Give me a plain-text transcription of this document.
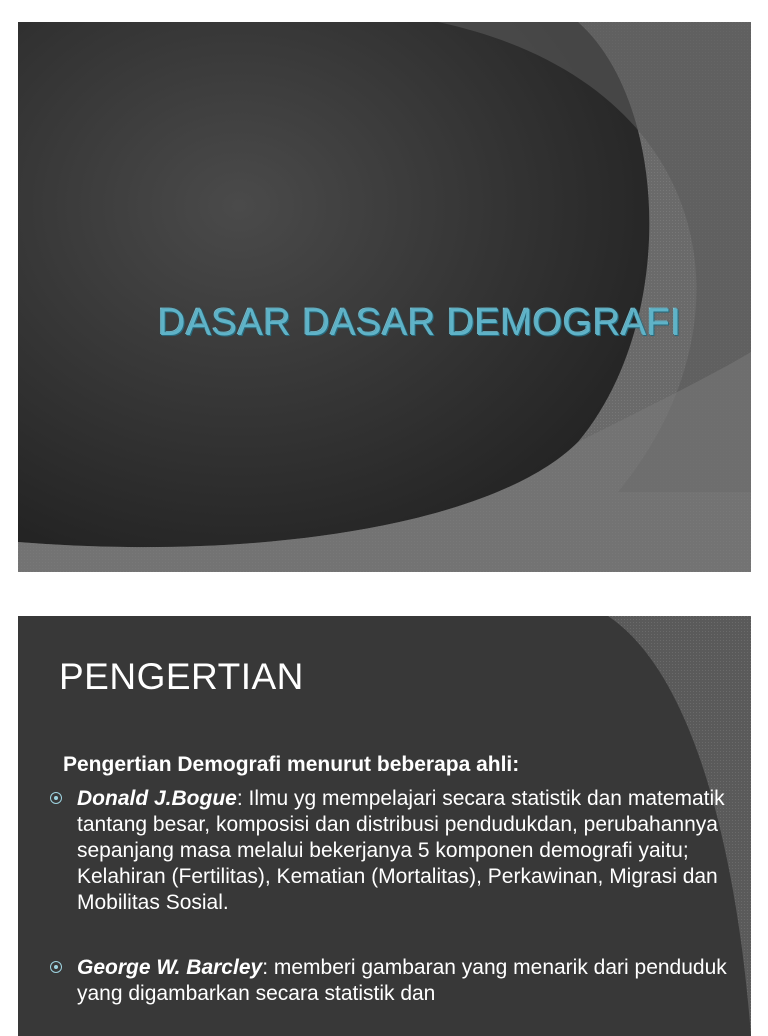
DASAR DASAR DEMOGRAFI
PENGERTIAN
Pengertian Demografi menurut beberapa ahli:
Donald J.Bogue: Ilmu yg mempelajari secara statistik dan matematik tantang besar, komposisi dan distribusi pendudukdan, perubahannya sepanjang masa melalui bekerjanya 5 komponen demografi yaitu; Kelahiran (Fertilitas), Kematian (Mortalitas), Perkawinan, Migrasi dan Mobilitas Sosial.
George W. Barcley: memberi gambaran yang menarik dari penduduk yang digambarkan secara statistik dan
